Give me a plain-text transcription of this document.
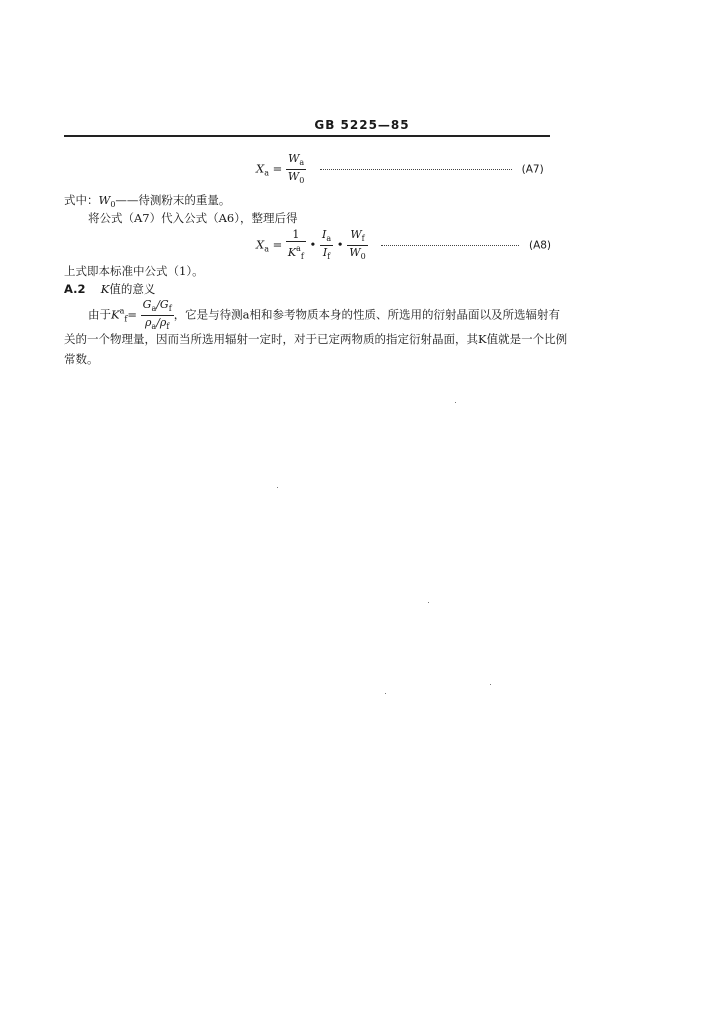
GB 5225—85
$X_a = \frac{W_a}{W_0}$	(A7)
式中：$W_0——$待测粉末的重量。
将公式（A7）代入公式（A6），整理后得
$X_a = \frac{1}{K^a_f}$ • $\frac{I_a}{I_f}$ • $\frac{W_f}{W_0}$	(A8)
上式即本标准中公式（1）。
A.2 K值的意义
由于$K^a_f= \frac{G_a/G_f}{\rho_a/\rho_f}$ ，它是与待测a相和参考物质本身的性质、所选用的衍射晶面以及所选辐射有
关的一个物理量，因而当所选用辐射一定时，对于已定两物质的指定衍射晶面，其K值就是一个比例
常数。
